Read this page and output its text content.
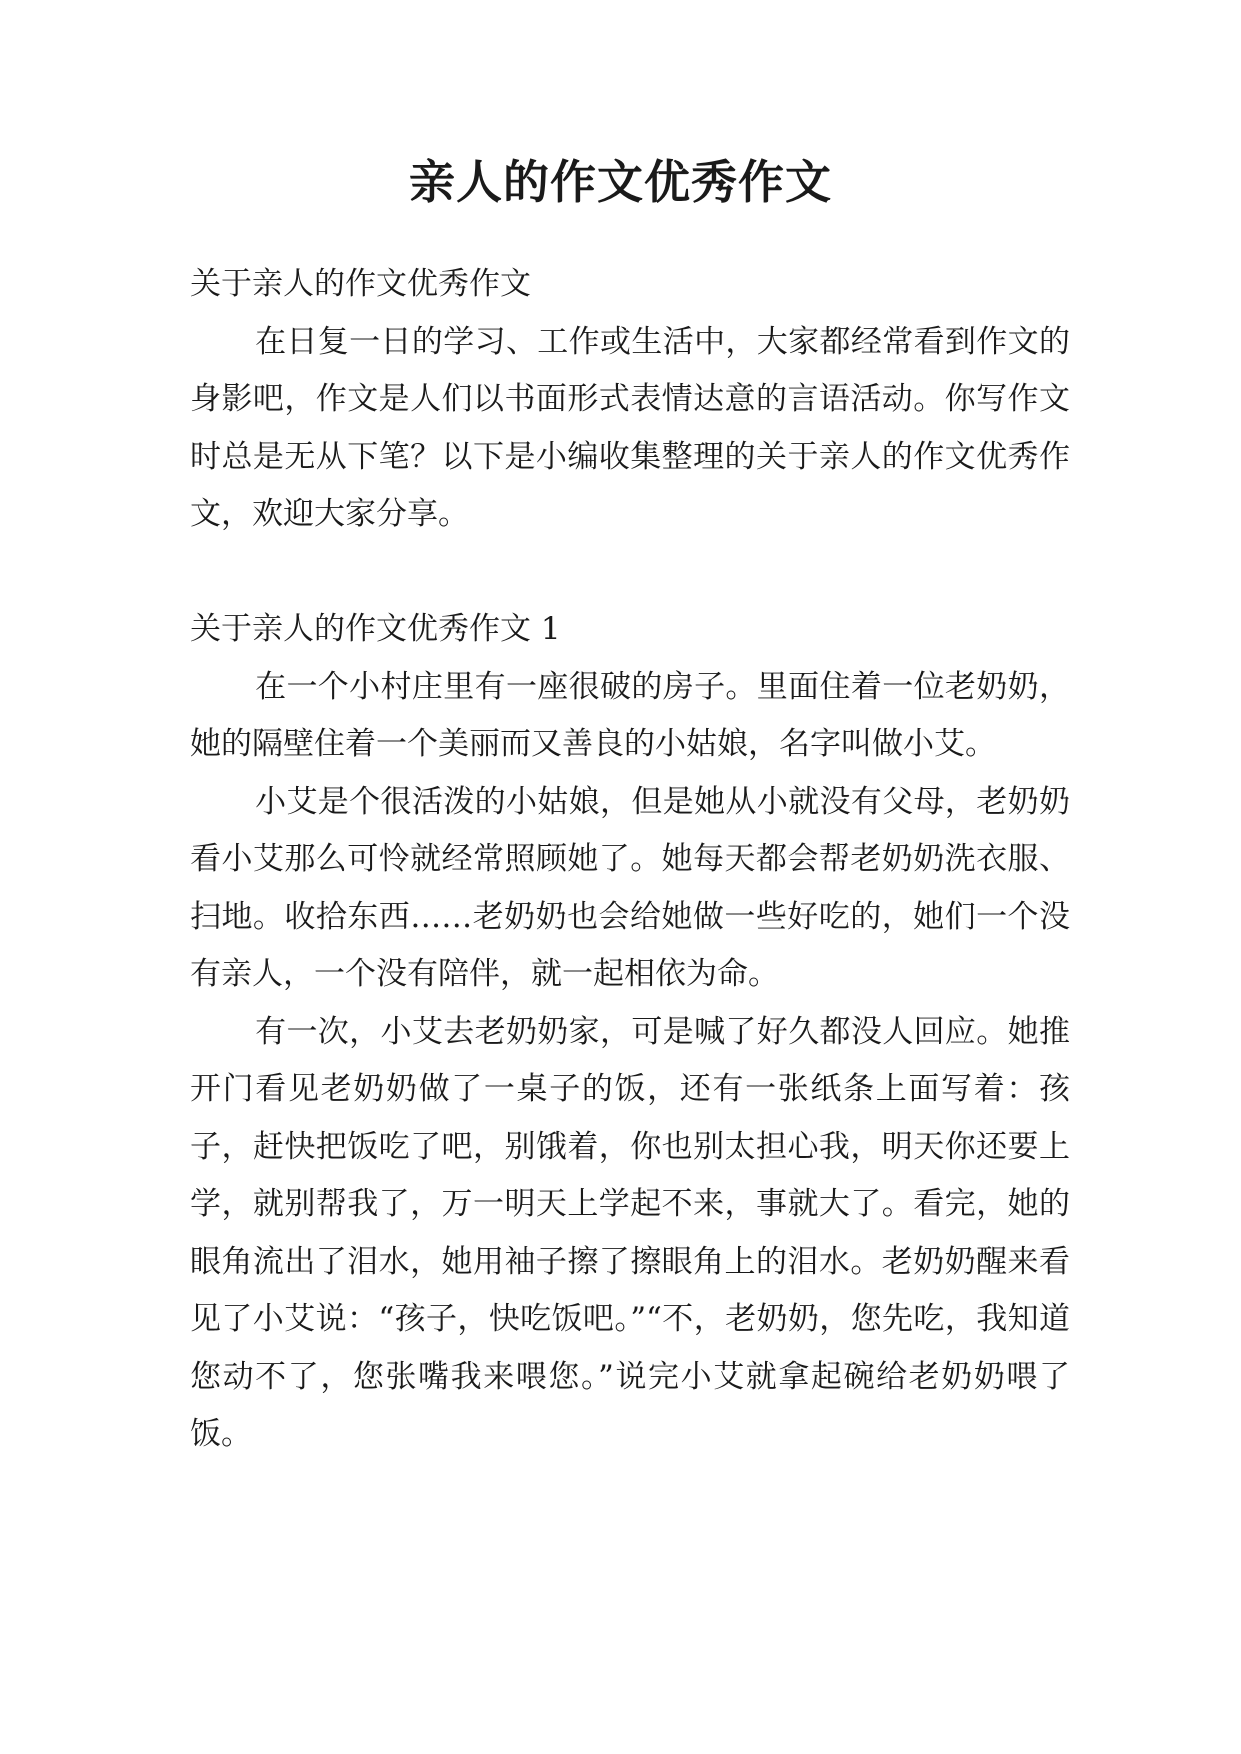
亲人的作文优秀作文

关于亲人的作文优秀作文

在日复一日的学习、工作或生活中，大家都经常看到作文的身影吧，作文是人们以书面形式表情达意的言语活动。你写作文时总是无从下笔？以下是小编收集整理的关于亲人的作文优秀作文，欢迎大家分享。

关于亲人的作文优秀作文 1

在一个小村庄里有一座很破的房子。里面住着一位老奶奶，她的隔壁住着一个美丽而又善良的小姑娘，名字叫做小艾。

小艾是个很活泼的小姑娘，但是她从小就没有父母，老奶奶看小艾那么可怜就经常照顾她了。她每天都会帮老奶奶洗衣服、扫地。收拾东西……老奶奶也会给她做一些好吃的，她们一个没有亲人，一个没有陪伴，就一起相依为命。

有一次，小艾去老奶奶家，可是喊了好久都没人回应。她推开门看见老奶奶做了一桌子的饭，还有一张纸条上面写着：孩子，赶快把饭吃了吧，别饿着，你也别太担心我，明天你还要上学，就别帮我了，万一明天上学起不来，事就大了。看完，她的眼角流出了泪水，她用袖子擦了擦眼角上的泪水。老奶奶醒来看见了小艾说：“孩子，快吃饭吧。”“不，老奶奶，您先吃，我知道您动不了，您张嘴我来喂您。”说完小艾就拿起碗给老奶奶喂了饭。
